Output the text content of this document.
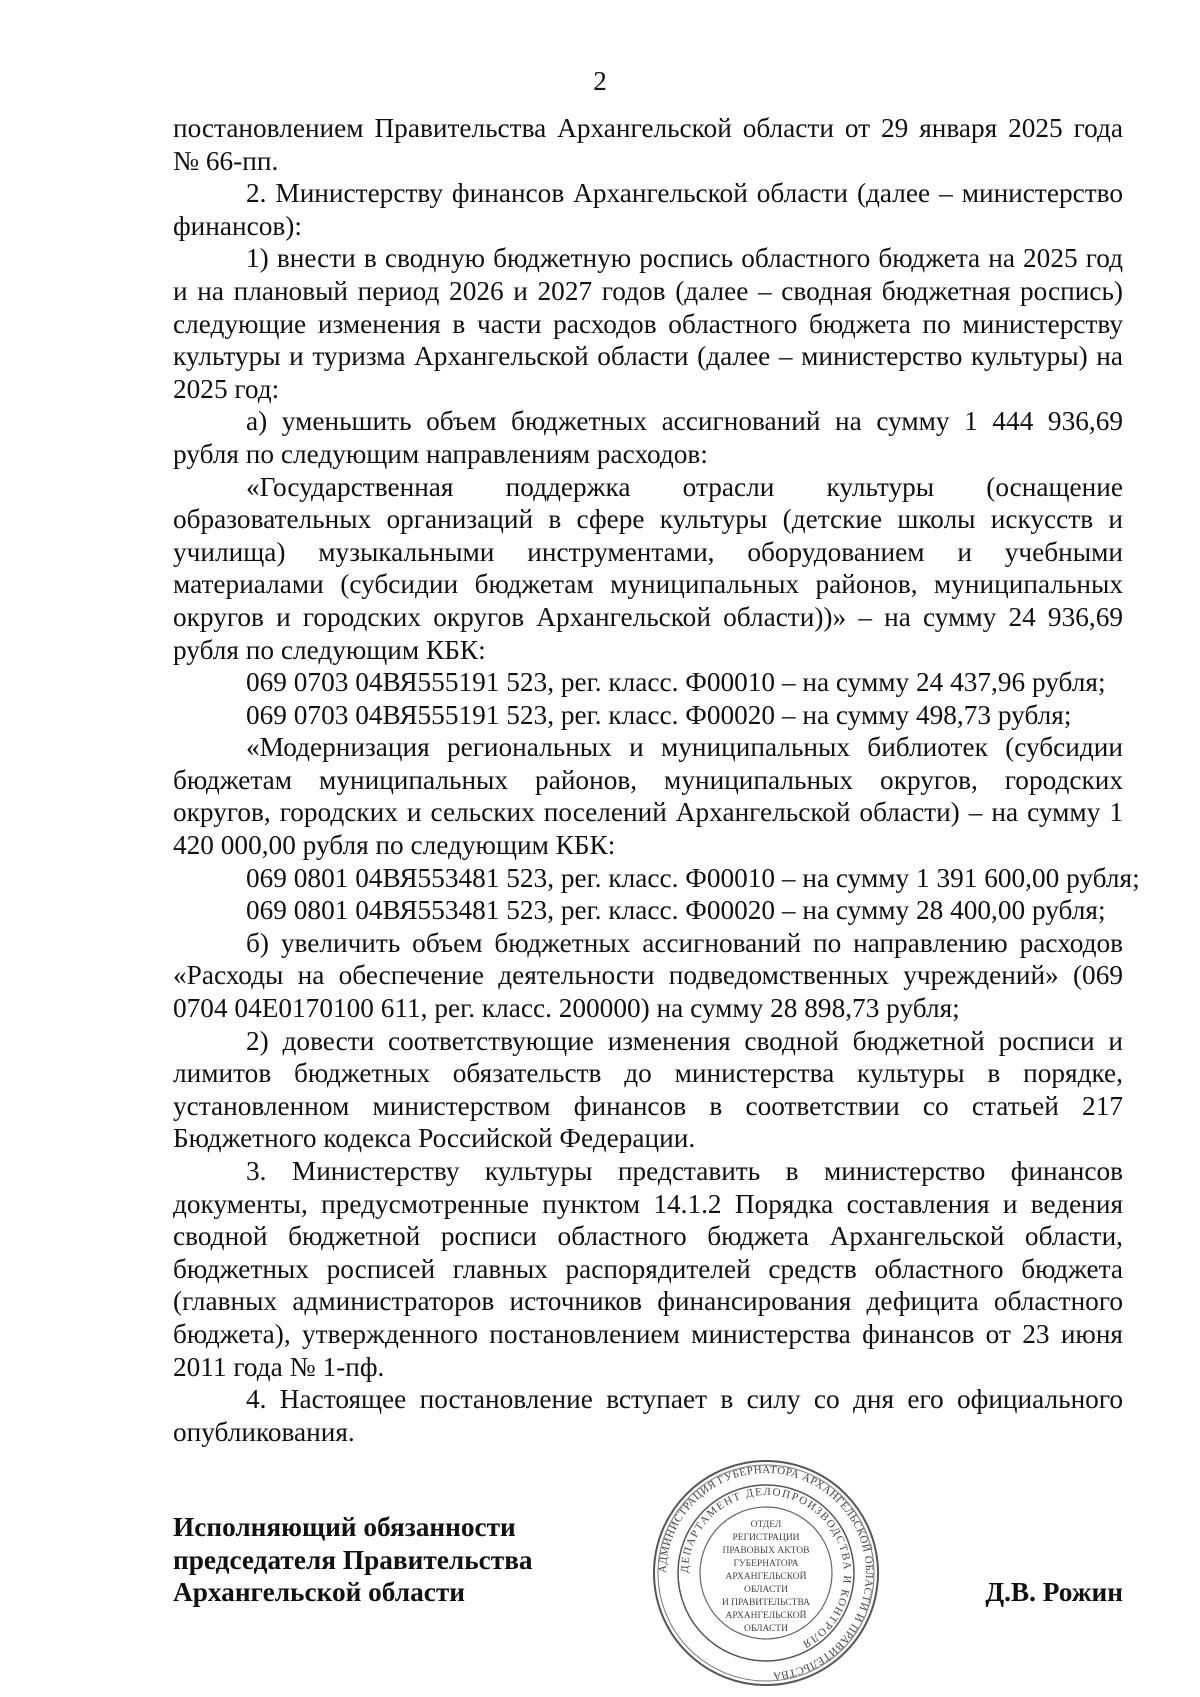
2

постановлением Правительства Архангельской области от 29 января 2025 года № 66-пп.

2. Министерству финансов Архангельской области (далее – министерство финансов):

1) внести в сводную бюджетную роспись областного бюджета на 2025 год и на плановый период 2026 и 2027 годов (далее – сводная бюджетная роспись) следующие изменения в части расходов областного бюджета по министерству культуры и туризма Архангельской области (далее – министерство культуры) на 2025 год:

а) уменьшить объем бюджетных ассигнований на сумму 1 444 936,69 рубля по следующим направлениям расходов:

«Государственная поддержка отрасли культуры (оснащение образовательных организаций в сфере культуры (детские школы искусств и училища) музыкальными инструментами, оборудованием и учебными материалами (субсидии бюджетам муниципальных районов, муниципальных округов и городских округов Архангельской области))» – на сумму 24 936,69 рубля по следующим КБК:

069 0703 04ВЯ555191 523, рег. класс. Ф00010 – на сумму 24 437,96 рубля;

069 0703 04ВЯ555191 523, рег. класс. Ф00020 – на сумму 498,73 рубля;

«Модернизация региональных и муниципальных библиотек (субсидии бюджетам муниципальных районов, муниципальных округов, городских округов, городских и сельских поселений Архангельской области) – на сумму 1 420 000,00 рубля по следующим КБК:

069 0801 04ВЯ553481 523, рег. класс. Ф00010 – на сумму 1 391 600,00 рубля;

069 0801 04ВЯ553481 523, рег. класс. Ф00020 – на сумму 28 400,00 рубля;

б) увеличить объем бюджетных ассигнований по направлению расходов «Расходы на обеспечение деятельности подведомственных учреждений» (069 0704 04Е0170100 611, рег. класс. 200000) на сумму 28 898,73 рубля;

2) довести соответствующие изменения сводной бюджетной росписи и лимитов бюджетных обязательств до министерства культуры в порядке, установленном министерством финансов в соответствии со статьей 217 Бюджетного кодекса Российской Федерации.

3. Министерству культуры представить в министерство финансов документы, предусмотренные пунктом 14.1.2 Порядка составления и ведения сводной бюджетной росписи областного бюджета Архангельской области, бюджетных росписей главных распорядителей средств областного бюджета (главных администраторов источников финансирования дефицита областного бюджета), утвержденного постановлением министерства финансов от 23 июня 2011 года № 1-пф.

4. Настоящее постановление вступает в силу со дня его официального опубликования.

Исполняющий обязанности
председателя Правительства
Архангельской области	Д.В. Рожин
АДМИНИСТРАЦИЯ ГУБЕРНАТОРА АРХАНГЕЛЬСКОЙ ОБЛАСТИ И ПРАВИТЕЛЬСТВА
ДЕПАРТАМЕНТ ДЕЛОПРОИЗВОДСТВА И КОНТРОЛЯ
ОТДЕЛ
РЕГИСТРАЦИИ
ПРАВОВЫХ АКТОВ
ГУБЕРНАТОРА
АРХАНГЕЛЬСКОЙ
ОБЛАСТИ
И ПРАВИТЕЛЬСТВА
АРХАНГЕЛЬСКОЙ
ОБЛАСТИ
